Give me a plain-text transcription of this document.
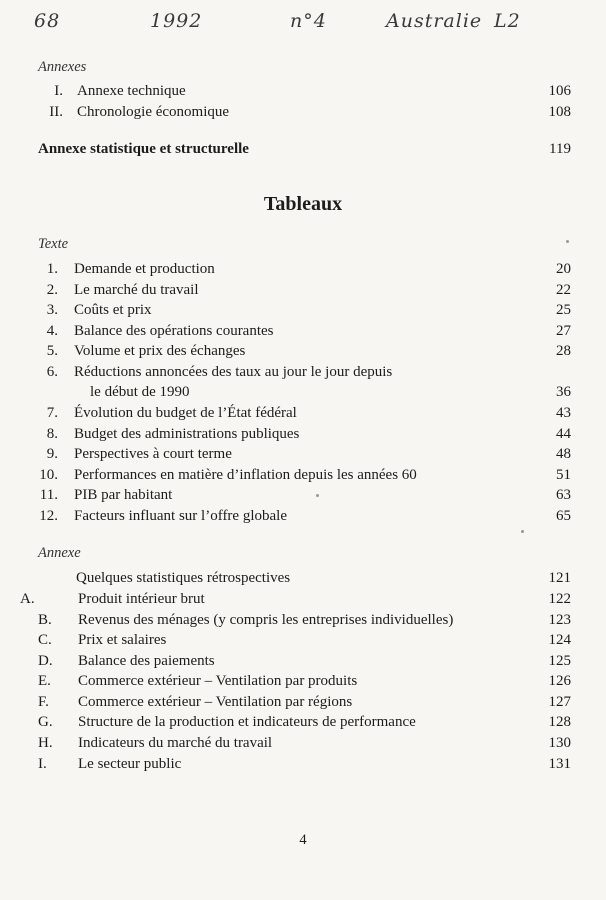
68	1992	n°4	Australie L2
Annexes
I. Annexe technique	106
II. Chronologie économique	108
Annexe statistique et structurelle	119
Tableaux
Texte
1. Demande et production	20
2. Le marché du travail	22
3. Coûts et prix	25
4. Balance des opérations courantes	27
5. Volume et prix des échanges	28
6. Réductions annoncées des taux au jour le jour depuis
le début de 1990	36
7. Évolution du budget de l’État fédéral	43
8. Budget des administrations publiques	44
9. Perspectives à court terme	48
10. Performances en matière d’inflation depuis les années 60	51
11. PIB par habitant	63
12. Facteurs influant sur l’offre globale	65
Annexe
Quelques statistiques rétrospectives	121
A.	Produit intérieur brut	122
B.	Revenus des ménages (y compris les entreprises individuelles)	123
C.	Prix et salaires	124
D.	Balance des paiements	125
E.	Commerce extérieur – Ventilation par produits	126
F.	Commerce extérieur – Ventilation par régions	127
G.	Structure de la production et indicateurs de performance	128
H.	Indicateurs du marché du travail	130
I.	Le secteur public	131
4
